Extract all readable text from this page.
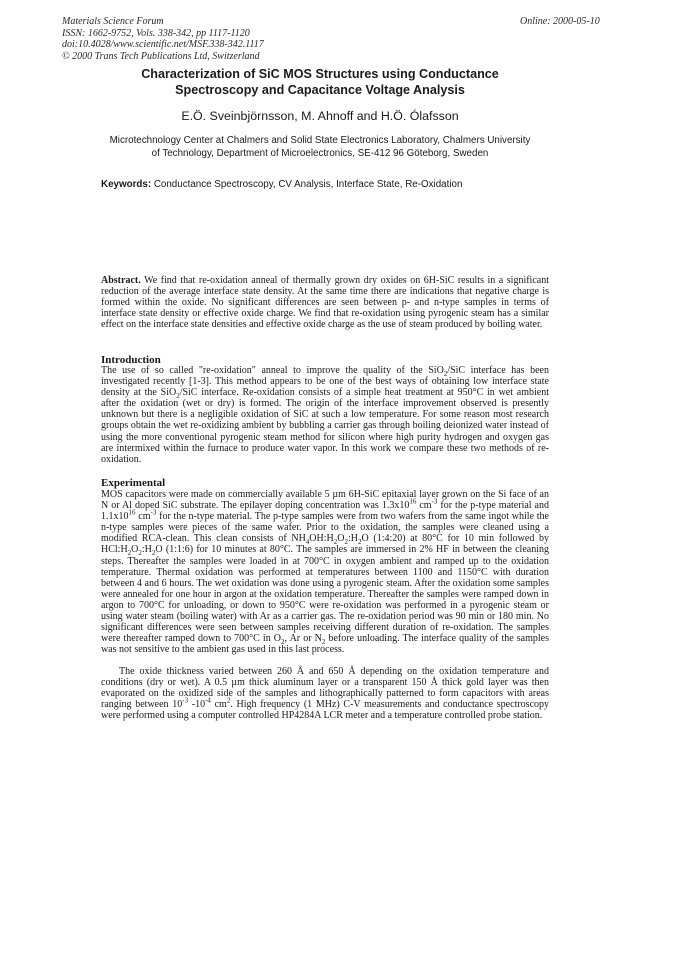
Materials Science Forum
ISSN: 1662-9752, Vols. 338-342, pp 1117-1120
doi:10.4028/www.scientific.net/MSF.338-342.1117
© 2000 Trans Tech Publications Ltd, Switzerland
Online: 2000-05-10
Characterization of SiC MOS Structures using Conductance
Spectroscopy and Capacitance Voltage Analysis
E.Ö. Sveinbjörnsson, M. Ahnoff and H.Ö. Ólafsson
Microtechnology Center at Chalmers and Solid State Electronics Laboratory, Chalmers University
of Technology, Department of Microelectronics, SE-412 96 Göteborg, Sweden
Keywords: Conductance Spectroscopy, CV Analysis, Interface State, Re-Oxidation

Abstract. We find that re-oxidation anneal of thermally grown dry oxides on 6H-SiC results in a significant reduction of the average interface state density. At the same time there are indications that negative charge is formed within the oxide. No significant differences are seen between p- and n-type samples in terms of interface state density or effective oxide charge. We find that re-oxidation using pyrogenic steam has a similar effect on the interface state densities and effective oxide charge as the use of steam produced by boiling water.

Introduction

The use of so called "re-oxidation" anneal to improve the quality of the SiO$_2$/SiC interface has been investigated recently [1-3]. This method appears to be one of the best ways of obtaining low interface state density at the SiO$_2$/SiC interface. Re-oxidation consists of a simple heat treatment at 950°C in wet ambient after the oxidation (wet or dry) is formed. The origin of the interface improvement observed is presently unknown but there is a negligible oxidation of SiC at such a low temperature. For some reason most research groups obtain the wet re-oxidizing ambient by bubbling a carrier gas through boiling deionized water instead of using the more conventional pyrogenic steam method for silicon where high purity hydrogen and oxygen gas are intermixed within the furnace to produce water vapor. In this work we compare these two methods of re-oxidation.

Experimental

MOS capacitors were made on commercially available 5 µm 6H-SiC epitaxial layer grown on the Si face of an N or Al doped SiC substrate. The epilayer doping concentration was $1.3x10^{16}$ $cm^{-3}$ for the p-type material and $1.1x10^{16}$ $cm^{-3}$ for the n-type material. The p-type samples were from two wafers from the same ingot while the n-type samples were pieces of the same wafer. Prior to the oxidation, the samples were cleaned using a modified RCA-clean. This clean consists of $NH_4OH:H_2O_2:H_2O$ (1:4:20) at 80°C for 10 min followed by $HCl:H_2O_2:H_2O$ (1:1:6) for 10 minutes at 80°C. The samples are immersed in 2% HF in between the cleaning steps. Thereafter the samples were loaded in at 700°C in oxygen ambient and ramped up to the oxidation temperature. Thermal oxidation was performed at temperatures between 1100 and 1150°C with duration between 4 and 6 hours. The wet oxidation was done using a pyrogenic steam. After the oxidation some samples were annealed for one hour in argon at the oxidation temperature. Thereafter the samples were ramped down in argon to 700°C for unloading, or down to 950°C were re-oxidation was performed in a pyrogenic steam or using water steam (boiling water) with Ar as a carrier gas. The re-oxidation period was 90 min or 180 min. No significant differences were seen between samples receiving different duration of re-oxidation. The samples were thereafter ramped down to 700°C in $O_2$, Ar or $N_2$ before unloading. The interface quality of the samples was not sensitive to the ambient gas used in this last process.

The oxide thickness varied between 260 Å and 650 Å depending on the oxidation temperature and conditions (dry or wet). A 0.5 µm thick aluminum layer or a transparent 150 Å thick gold layer was then evaporated on the oxidized side of the samples and lithographically patterned to form capacitors with areas ranging between $10^{-3}$ $-10^{-4}$ $cm^2$. High frequency (1 MHz) C-V measurements and conductance spectroscopy were performed using a computer controlled HP4284A LCR meter and a temperature controlled probe station.
